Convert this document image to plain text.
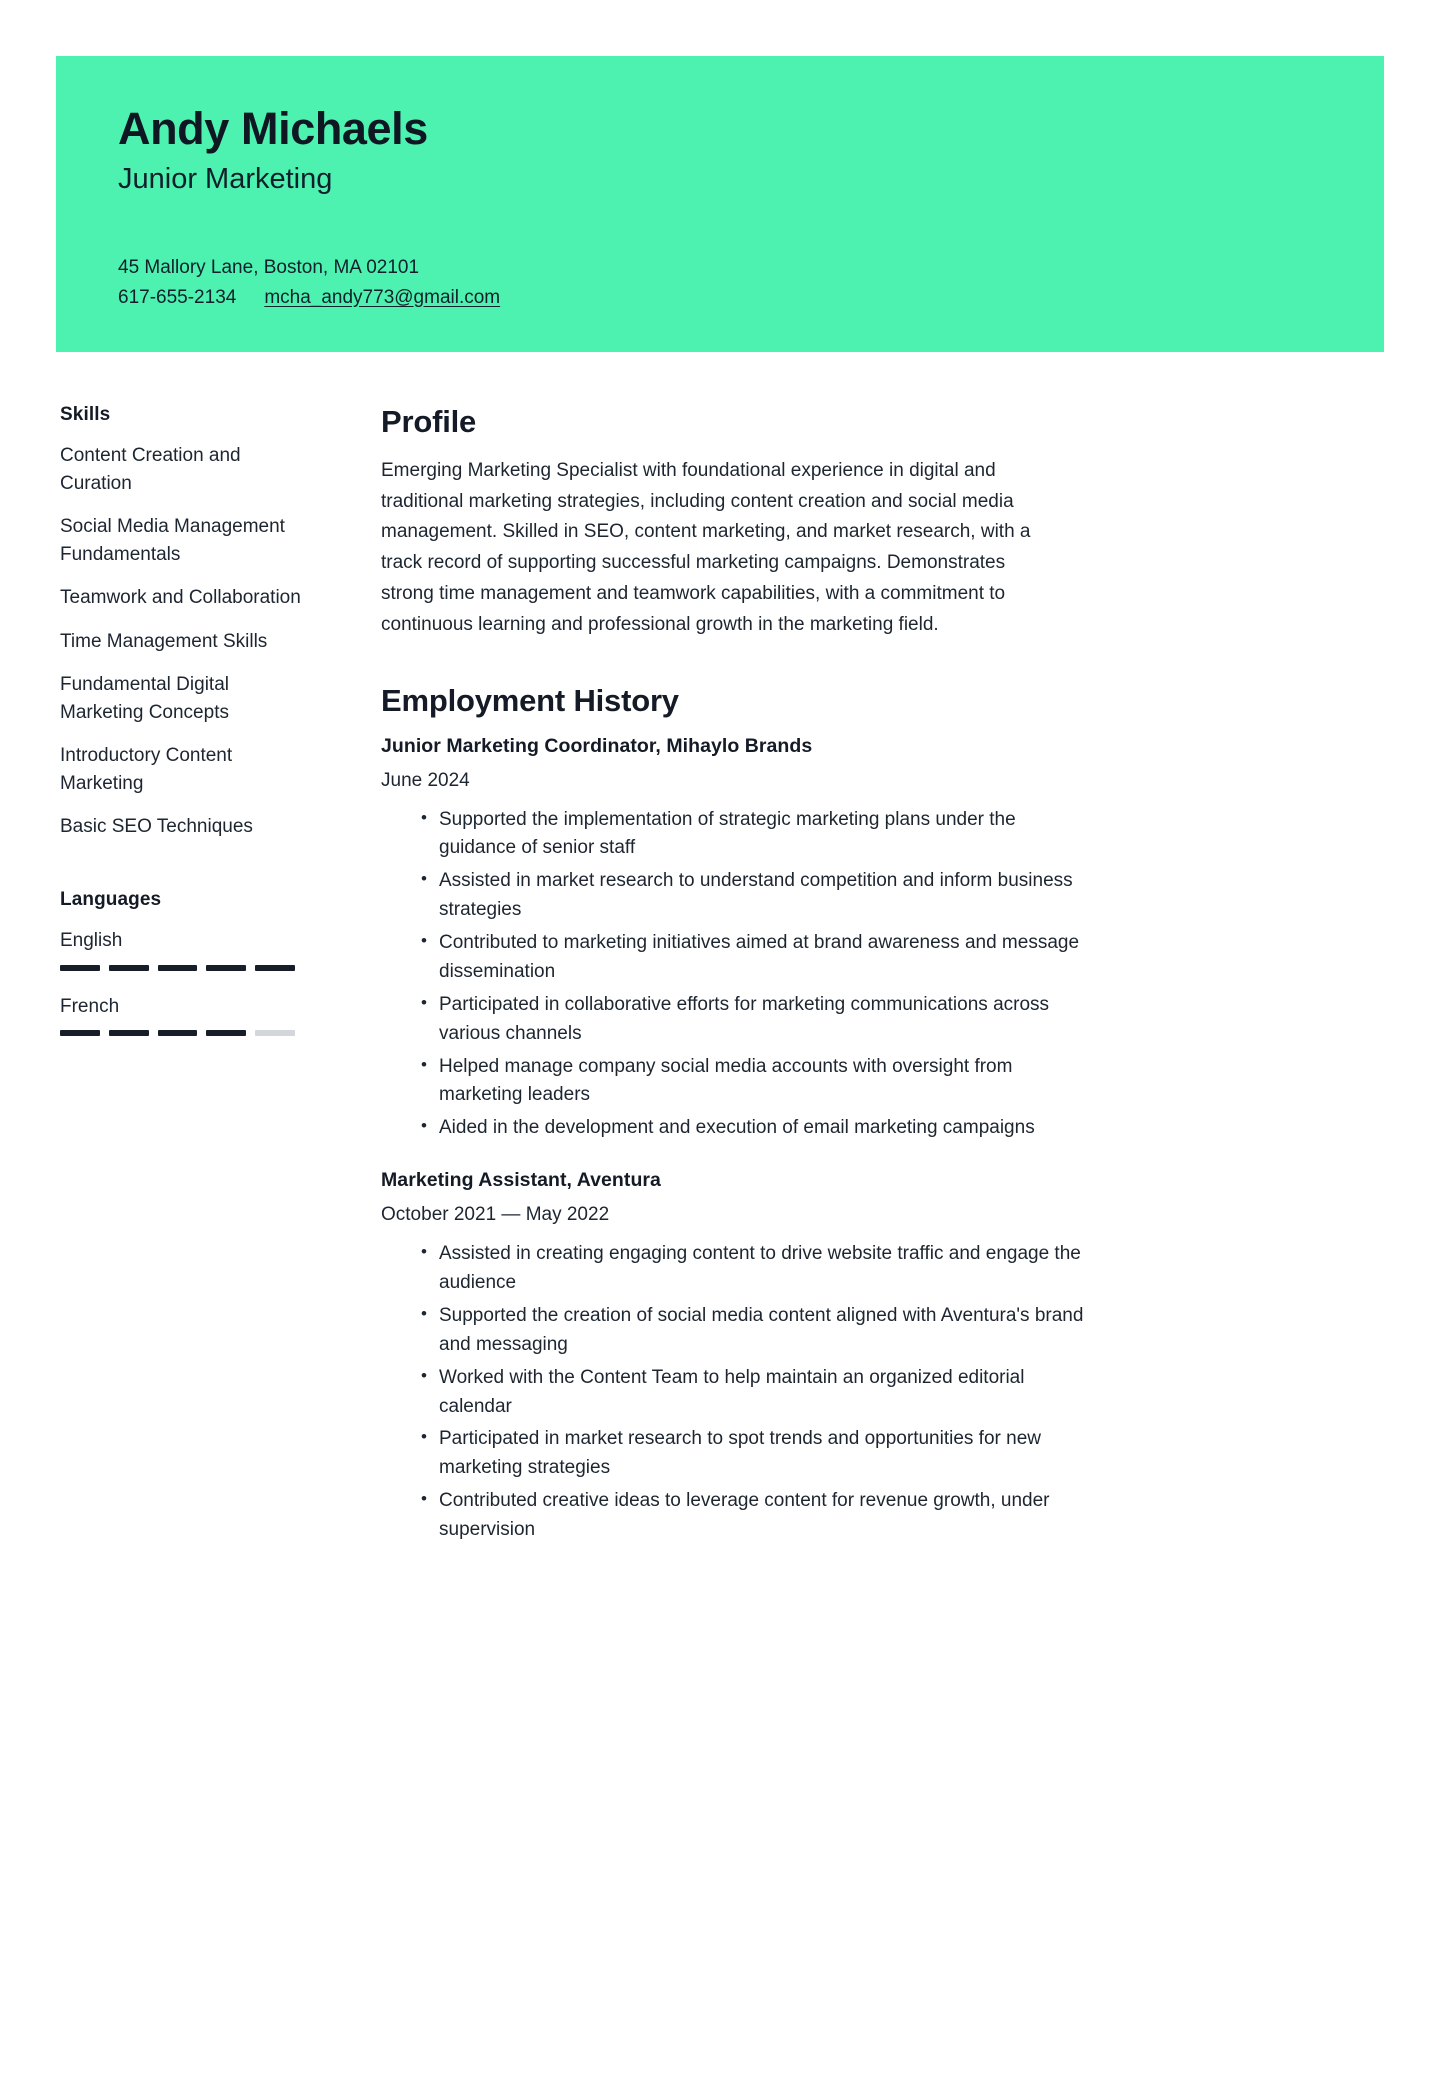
Andy Michaels
Junior Marketing
45 Mallory Lane, Boston, MA 02101
617-655-2134 mcha_andy773@gmail.com
Skills
Content Creation and Curation
Social Media Management Fundamentals
Teamwork and Collaboration
Time Management Skills
Fundamental Digital Marketing Concepts
Introductory Content Marketing
Basic SEO Techniques
Languages
English
French
Profile

Emerging Marketing Specialist with foundational experience in digital and traditional marketing strategies, including content creation and social media management. Skilled in SEO, content marketing, and market research, with a track record of supporting successful marketing campaigns. Demonstrates strong time management and teamwork capabilities, with a commitment to continuous learning and professional growth in the marketing field.

Employment History
Junior Marketing Coordinator, Mihaylo Brands
June 2024
• Supported the implementation of strategic marketing plans under the guidance of senior staff
• Assisted in market research to understand competition and inform business strategies
• Contributed to marketing initiatives aimed at brand awareness and message dissemination
• Participated in collaborative efforts for marketing communications across various channels
• Helped manage company social media accounts with oversight from marketing leaders
• Aided in the development and execution of email marketing campaigns
Marketing Assistant, Aventura
October 2021 — May 2022
• Assisted in creating engaging content to drive website traffic and engage the audience
• Supported the creation of social media content aligned with Aventura's brand and messaging
• Worked with the Content Team to help maintain an organized editorial calendar
• Participated in market research to spot trends and opportunities for new marketing strategies
• Contributed creative ideas to leverage content for revenue growth, under supervision
